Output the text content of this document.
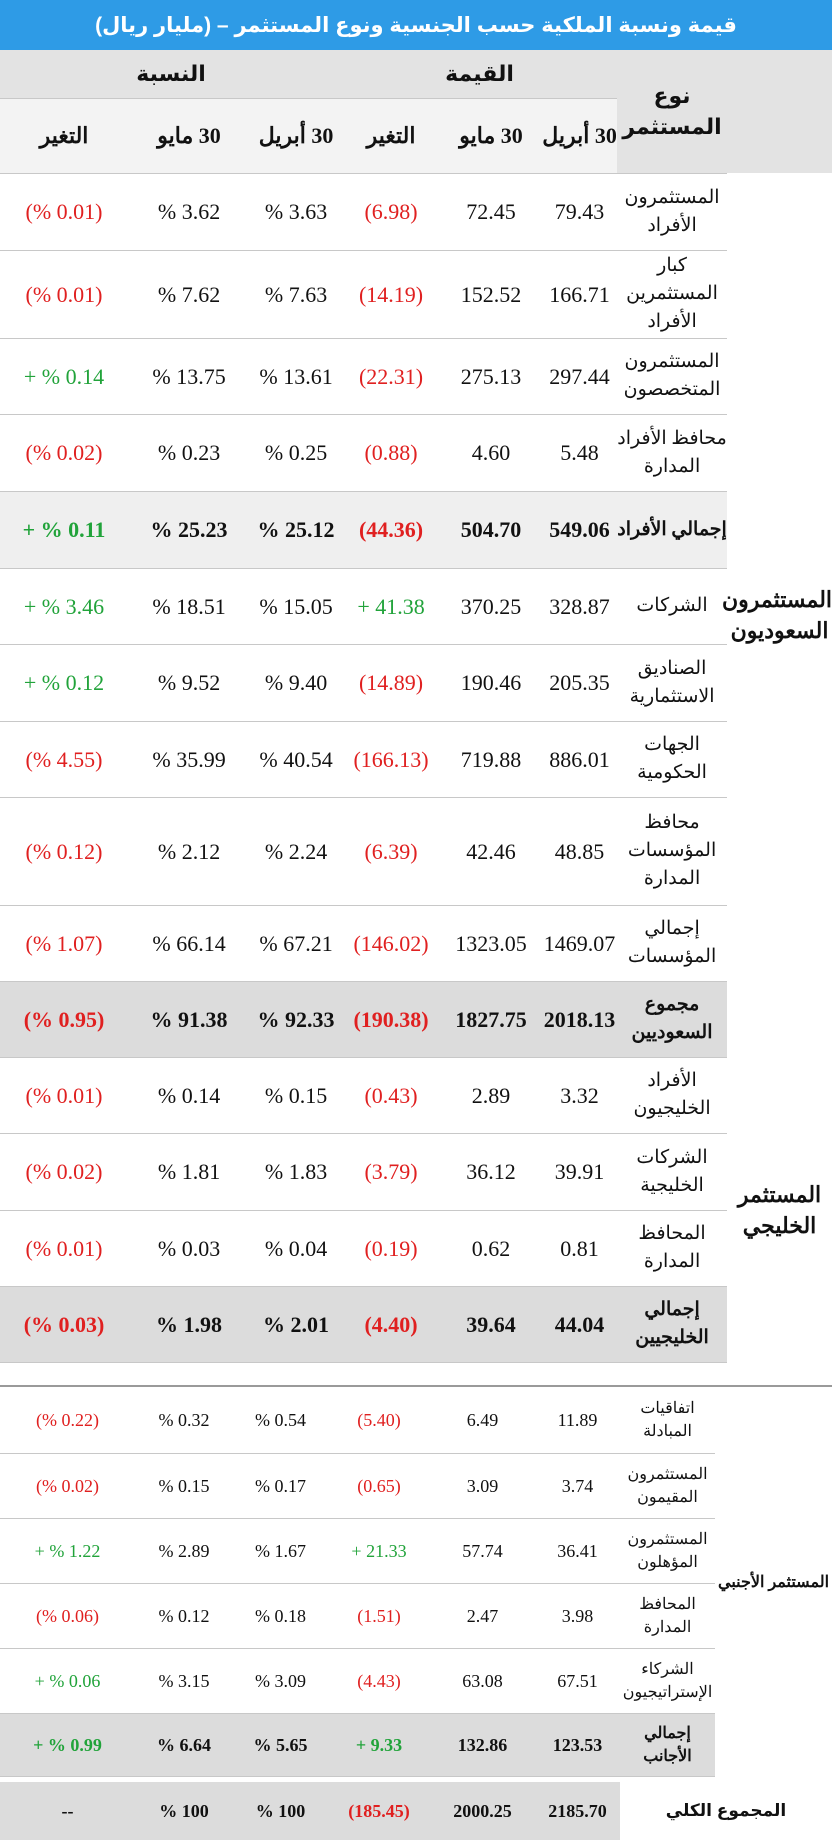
قيمة ونسبة الملكية حسب الجنسية ونوع المستثمر – (مليار ريال)
	نوع المستثمر	القيمة			النسبة		
		30 أبريل	30 مايو	التغير	30 أبريل	30 مايو	التغير
المستثمرون السعوديون	المستثمرون الأفراد	79.43	72.45	(6.98)	3.63 %	3.62 %	(0.01 %)
	كبار المستثمرين الأفراد	166.71	152.52	(14.19)	7.63 %	7.62 %	(0.01 %)
	المستثمرون المتخصصون	297.44	275.13	(22.31)	13.61 %	13.75 %	0.14 % +
	محافظ الأفراد المدارة	5.48	4.60	(0.88)	0.25 %	0.23 %	(0.02 %)
	إجمالي الأفراد	549.06	504.70	(44.36)	25.12 %	25.23 %	0.11 % +
	الشركات	328.87	370.25	41.38 +	15.05 %	18.51 %	3.46 % +
	الصناديق الاستثمارية	205.35	190.46	(14.89)	9.40 %	9.52 %	0.12 % +
	الجهات الحكومية	886.01	719.88	(166.13)	40.54 %	35.99 %	(4.55 %)
	محافظ المؤسسات المدارة	48.85	42.46	(6.39)	2.24 %	2.12 %	(0.12 %)
	إجمالي المؤسسات	1469.07	1323.05	(146.02)	67.21 %	66.14 %	(1.07 %)
	مجموع السعوديين	2018.13	1827.75	(190.38)	92.33 %	91.38 %	(0.95 %)
المستثمر الخليجي	الأفراد الخليجيون	3.32	2.89	(0.43)	0.15 %	0.14 %	(0.01 %)
	الشركات الخليجية	39.91	36.12	(3.79)	1.83 %	1.81 %	(0.02 %)
	المحافظ المدارة	0.81	0.62	(0.19)	0.04 %	0.03 %	(0.01 %)
	إجمالي الخليجيين	44.04	39.64	(4.40)	2.01 %	1.98 %	(0.03 %)
المستثمر الأجنبي	اتفاقيات المبادلة	11.89	6.49	(5.40)	0.54 %	0.32 %	(0.22 %)
	المستثمرون المقيمون	3.74	3.09	(0.65)	0.17 %	0.15 %	(0.02 %)
	المستثمرون المؤهلون	36.41	57.74	21.33 +	1.67 %	2.89 %	1.22 % +
	المحافظ المدارة	3.98	2.47	(1.51)	0.18 %	0.12 %	(0.06 %)
	الشركاء الإستراتيجيون	67.51	63.08	(4.43)	3.09 %	3.15 %	0.06 % +
	إجمالي الأجانب	123.53	132.86	9.33 +	5.65 %	6.64 %	0.99 % +
المجموع الكلي	2185.70	2000.25	(185.45)	100 %	100 %	--
